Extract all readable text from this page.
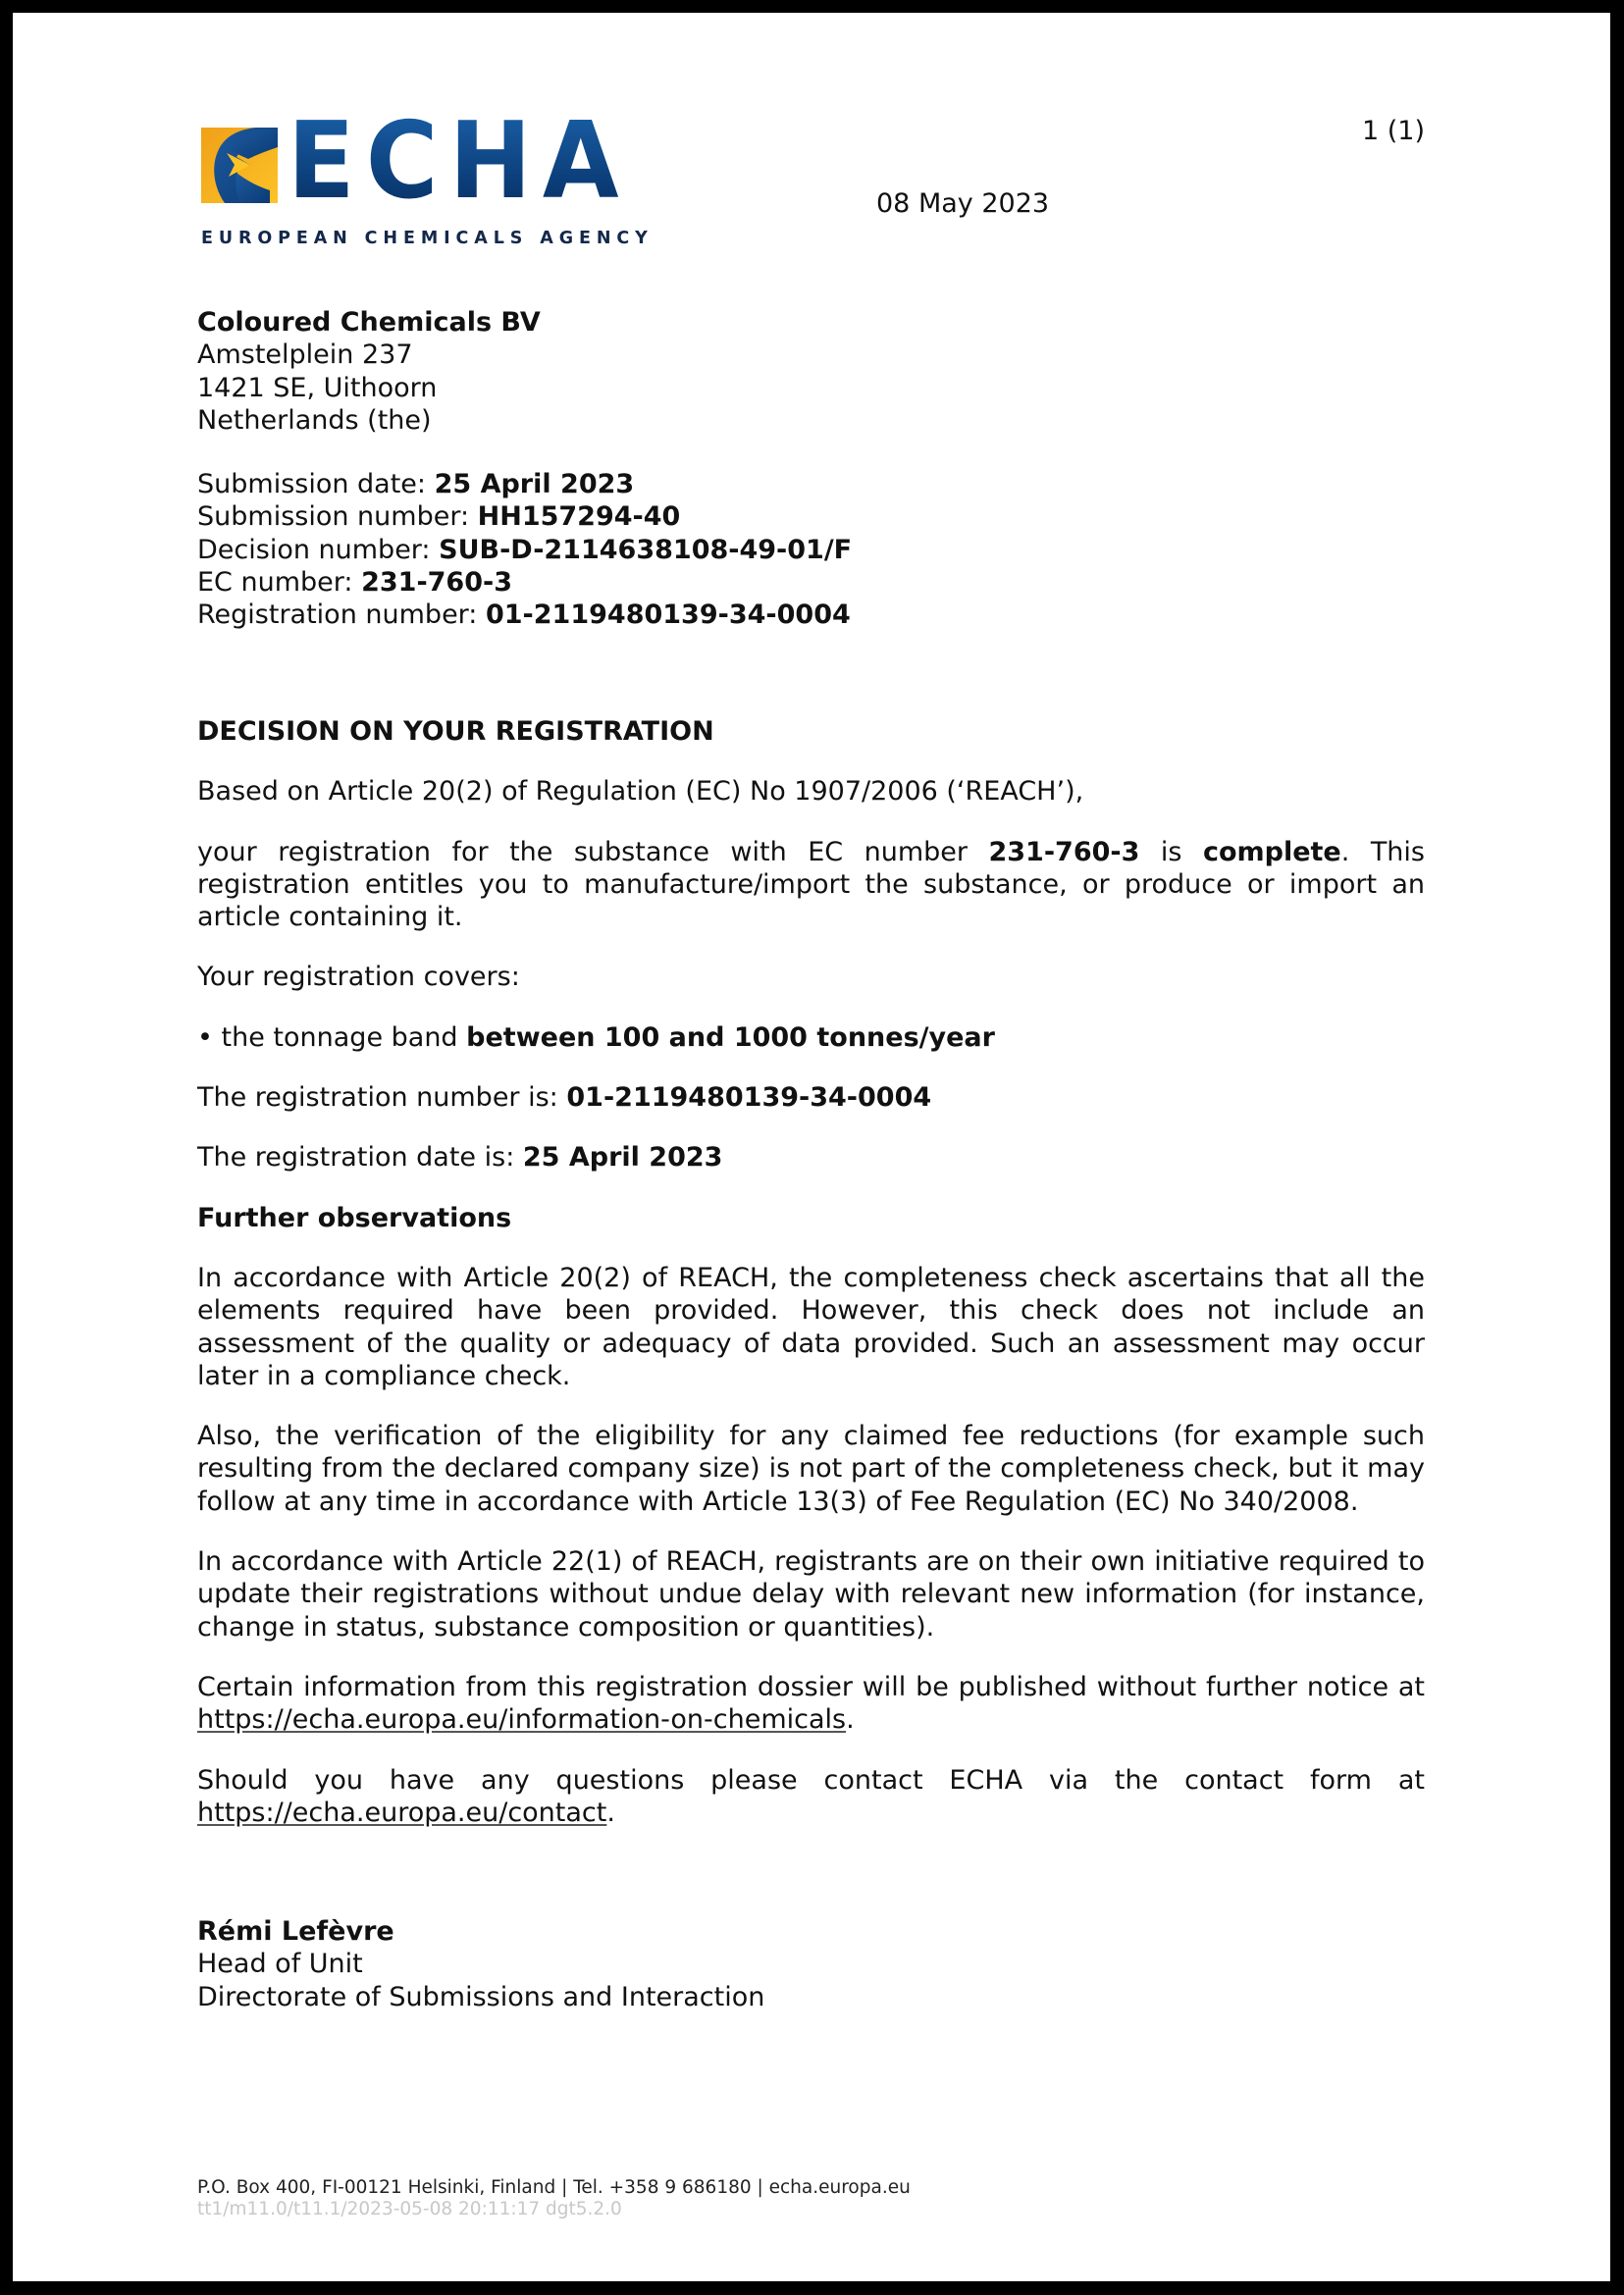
ECHA
EUROPEAN CHEMICALS AGENCY
1 (1)
08 May 2023

Coloured Chemicals BV

Amstelplein 237

1421 SE, Uithoorn

Netherlands (the)

Submission date: 25 April 2023

Submission number: HH157294-40

Decision number: SUB-D-2114638108-49-01/F

EC number: 231-760-3

Registration number: 01-2119480139-34-0004

DECISION ON YOUR REGISTRATION

Based on Article 20(2) of Regulation (EC) No 1907/2006 (‘REACH’),

your registration for the substance with EC number 231-760-3 is complete. This registration entitles you to manufacture/import the substance, or produce or import an article containing it.

Your registration covers:

• the tonnage band between 100 and 1000 tonnes/year

The registration number is: 01-2119480139-34-0004

The registration date is: 25 April 2023

Further observations

In accordance with Article 20(2) of REACH, the completeness check ascertains that all the elements required have been provided. However, this check does not include an assessment of the quality or adequacy of data provided. Such an assessment may occur later in a compliance check.

Also, the verification of the eligibility for any claimed fee reductions (for example such resulting from the declared company size) is not part of the completeness check, but it may follow at any time in accordance with Article 13(3) of Fee Regulation (EC) No 340/2008.

In accordance with Article 22(1) of REACH, registrants are on their own initiative required to update their registrations without undue delay with relevant new information (for instance, change in status, substance composition or quantities).

Certain information from this registration dossier will be published without further notice at https://echa.europa.eu/information-on-chemicals.

Should you have any questions please contact ECHA via the contact form at https://echa.europa.eu/contact.

Rémi Lefèvre

Head of Unit

Directorate of Submissions and Interaction

P.O. Box 400, FI-00121 Helsinki, Finland | Tel. +358 9 686180 | echa.europa.eu
tt1/m11.0/t11.1/2023-05-08 20:11:17 dgt5.2.0
